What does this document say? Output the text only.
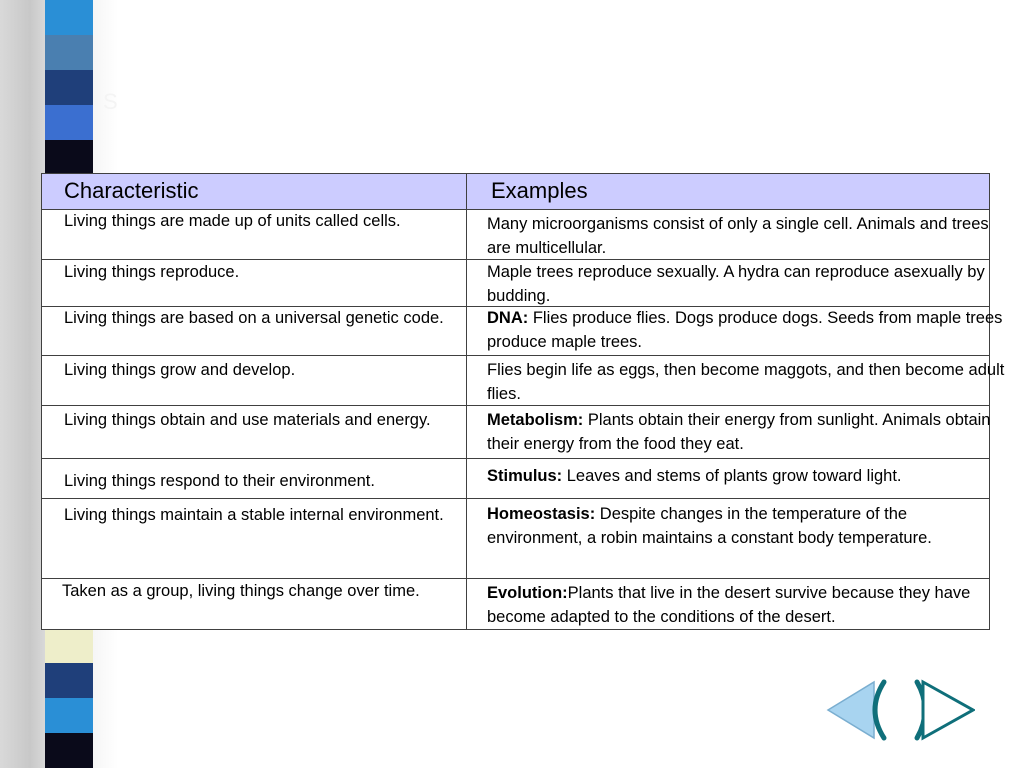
S

Characteristic	Examples
Living things are made up of units called cells.	Many microorganisms consist of only a single cell. Animals and trees are multicellular.
Living things reproduce.	Maple trees reproduce sexually. A hydra can reproduce asexually by budding.
Living things are based on a universal genetic code.	DNA: Flies produce flies. Dogs produce dogs. Seeds from maple trees produce maple trees.
Living things grow and develop.	Flies begin life as eggs, then become maggots, and then become adult flies.
Living things obtain and use materials and energy.	Metabolism: Plants obtain their energy from sunlight. Animals obtain their energy from the food they eat.
Living things respond to their environment.	Stimulus: Leaves and stems of plants grow toward light.
Living things maintain a stable internal environment.	Homeostasis: Despite changes in the temperature of the environment, a robin maintains a constant body temperature.
Taken as a group, living things change over time.	Evolution:Plants that live in the desert survive because they have become adapted to the conditions of the desert.
